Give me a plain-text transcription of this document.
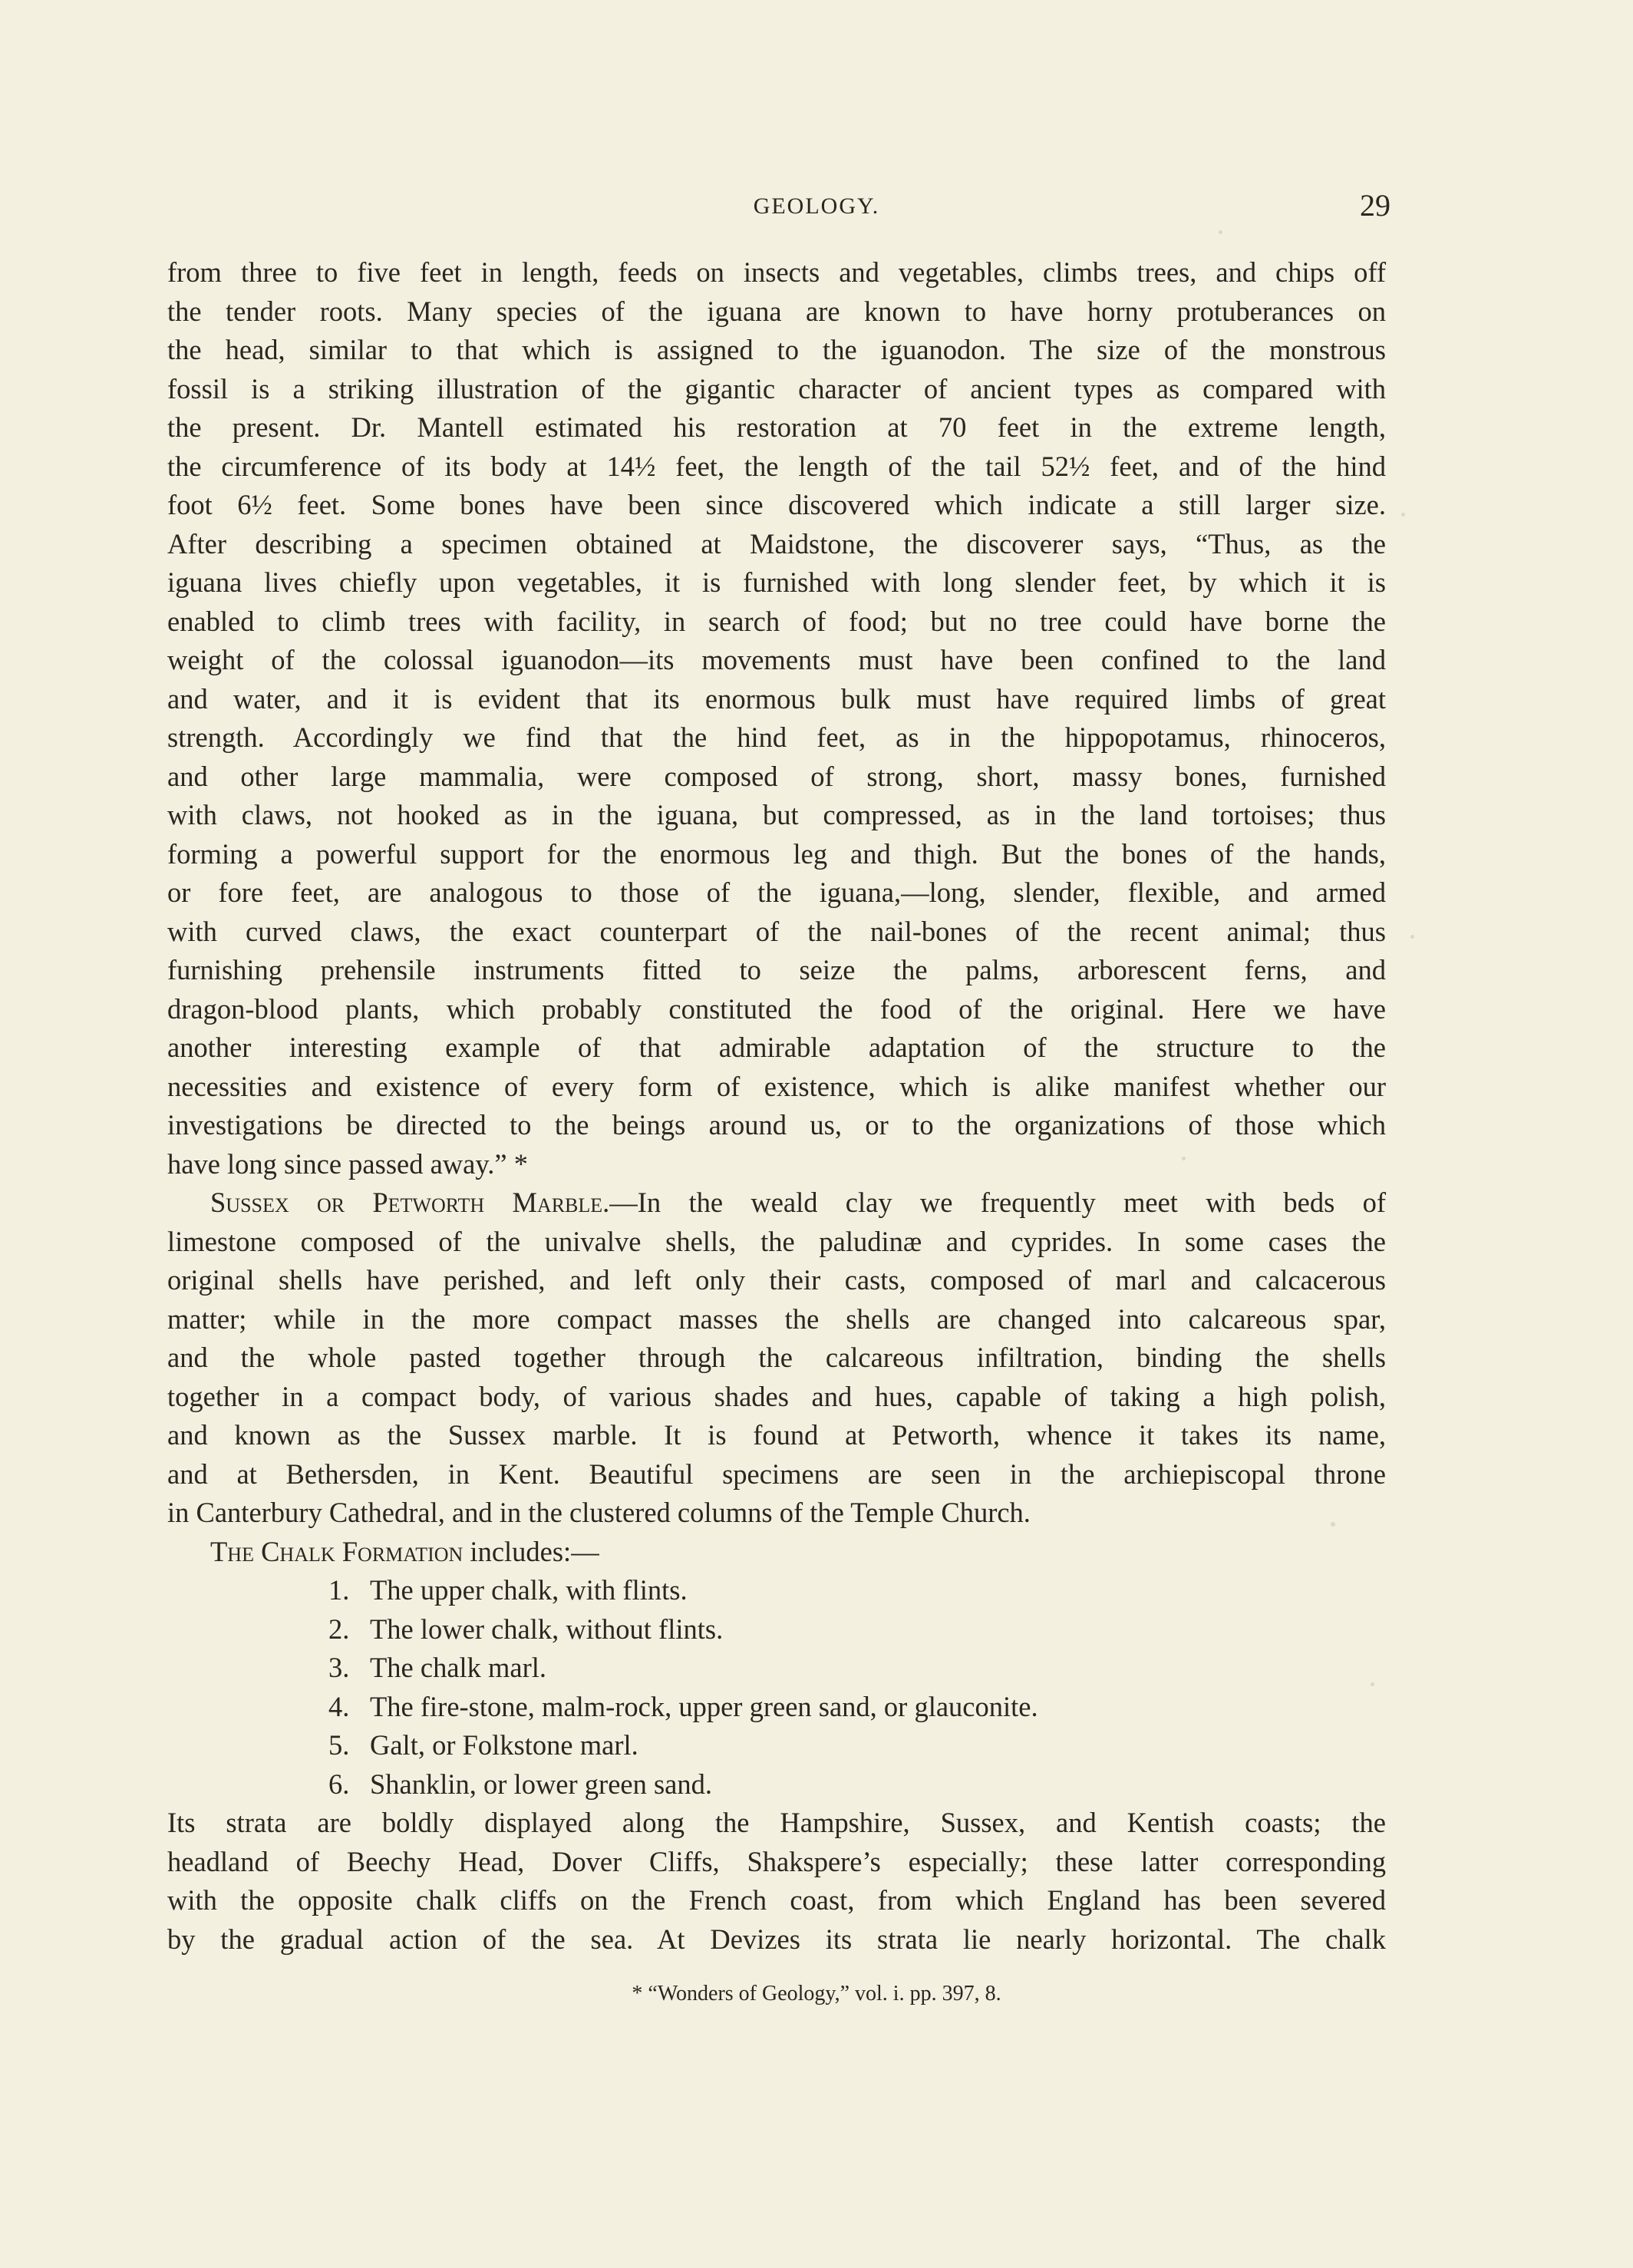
GEOLOGY.	29
from three to five feet in length, feeds on insects and vegetables, climbs trees, and chips off
the tender roots. Many species of the iguana are known to have horny protuberances on
the head, similar to that which is assigned to the iguanodon. The size of the monstrous
fossil is a striking illustration of the gigantic character of ancient types as compared with
the present. Dr. Mantell estimated his restoration at 70 feet in the extreme length,
the circumference of its body at 14½ feet, the length of the tail 52½ feet, and of the hind
foot 6½ feet. Some bones have been since discovered which indicate a still larger size.
After describing a specimen obtained at Maidstone, the discoverer says, “Thus, as the
iguana lives chiefly upon vegetables, it is furnished with long slender feet, by which it is
enabled to climb trees with facility, in search of food; but no tree could have borne the
weight of the colossal iguanodon—its movements must have been confined to the land
and water, and it is evident that its enormous bulk must have required limbs of great
strength. Accordingly we find that the hind feet, as in the hippopotamus, rhinoceros,
and other large mammalia, were composed of strong, short, massy bones, furnished
with claws, not hooked as in the iguana, but compressed, as in the land tortoises; thus
forming a powerful support for the enormous leg and thigh. But the bones of the hands,
or fore feet, are analogous to those of the iguana,—long, slender, flexible, and armed
with curved claws, the exact counterpart of the nail-bones of the recent animal; thus
furnishing prehensile instruments fitted to seize the palms, arborescent ferns, and
dragon-blood plants, which probably constituted the food of the original. Here we have
another interesting example of that admirable adaptation of the structure to the
necessities and existence of every form of existence, which is alike manifest whether our
investigations be directed to the beings around us, or to the organizations of those which
have long since passed away.” *
Sussex or Petworth Marble.—In the weald clay we frequently meet with beds of
limestone composed of the univalve shells, the paludinæ and cyprides. In some cases the
original shells have perished, and left only their casts, composed of marl and calcacerous
matter; while in the more compact masses the shells are changed into calcareous spar,
and the whole pasted together through the calcareous infiltration, binding the shells
together in a compact body, of various shades and hues, capable of taking a high polish,
and known as the Sussex marble. It is found at Petworth, whence it takes its name,
and at Bethersden, in Kent. Beautiful specimens are seen in the archiepiscopal throne
in Canterbury Cathedral, and in the clustered columns of the Temple Church.
The Chalk Formation includes:—
1. The upper chalk, with flints.
2. The lower chalk, without flints.
3. The chalk marl.
4. The fire-stone, malm-rock, upper green sand, or glauconite.
5. Galt, or Folkstone marl.
6. Shanklin, or lower green sand.
Its strata are boldly displayed along the Hampshire, Sussex, and Kentish coasts; the
headland of Beechy Head, Dover Cliffs, Shakspere’s especially; these latter corresponding
with the opposite chalk cliffs on the French coast, from which England has been severed
by the gradual action of the sea. At Devizes its strata lie nearly horizontal. The chalk
* “Wonders of Geology,” vol. i. pp. 397, 8.
